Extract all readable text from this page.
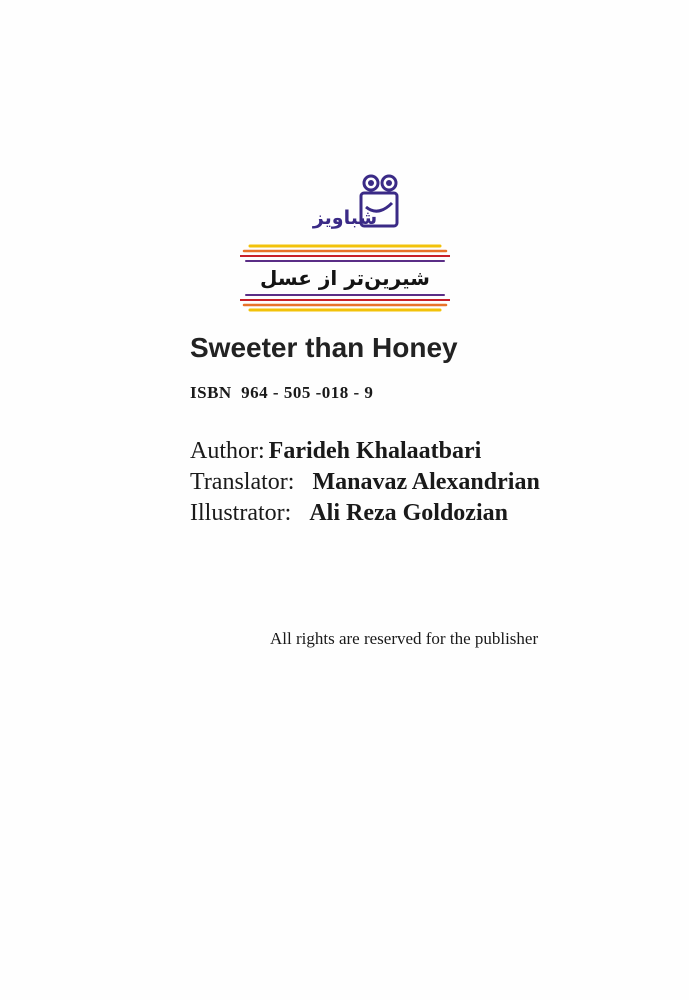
شباویز
شیرین‌تر از عسل
Sweeter than Honey
ISBN  964 - 505 -018 - 9
Author: Farideh Khalaatbari
Translator: Manavaz Alexandrian
Illustrator: Ali Reza Goldozian
All rights are reserved for the publisher
